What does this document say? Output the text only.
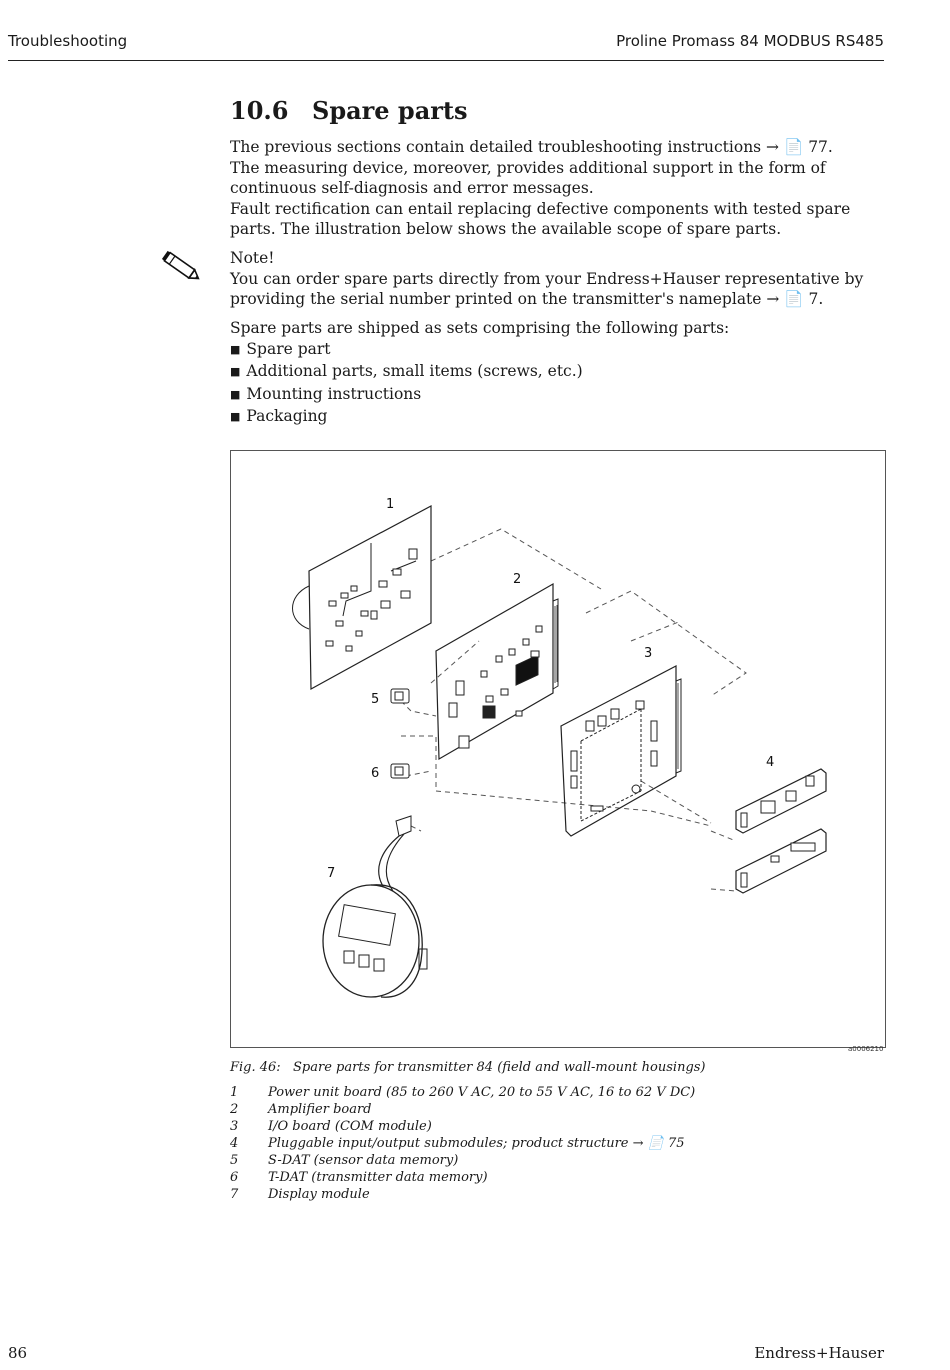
Troubleshooting	Proline Promass 84 MODBUS RS485
10.6 Spare parts

The previous sections contain detailed troubleshooting instructions → 📄 77.

The measuring device, moreover, provides additional support in the form of continuous self-diagnosis and error messages.

Fault rectification can entail replacing defective components with tested spare parts. The illustration below shows the available scope of spare parts.

Note!

You can order spare parts directly from your Endress+Hauser representative by providing the serial number printed on the transmitter's nameplate → 📄 7.

Spare parts are shipped as sets comprising the following parts:

■ Spare part
■ Additional parts, small items (screws, etc.)
■ Mounting instructions
■ Packaging
1
2
3
4
5
6
7
a0006210
Fig. 46: Spare parts for transmitter 84 (field and wall-mount housings)
1	Power unit board (85 to 260 V AC, 20 to 55 V AC, 16 to 62 V DC)
2	Amplifier board
3	I/O board (COM module)
4	Pluggable input/output submodules; product structure → 📄 75
5	S-DAT (sensor data memory)
6	T-DAT (transmitter data memory)
7	Display module
86	Endress+Hauser
